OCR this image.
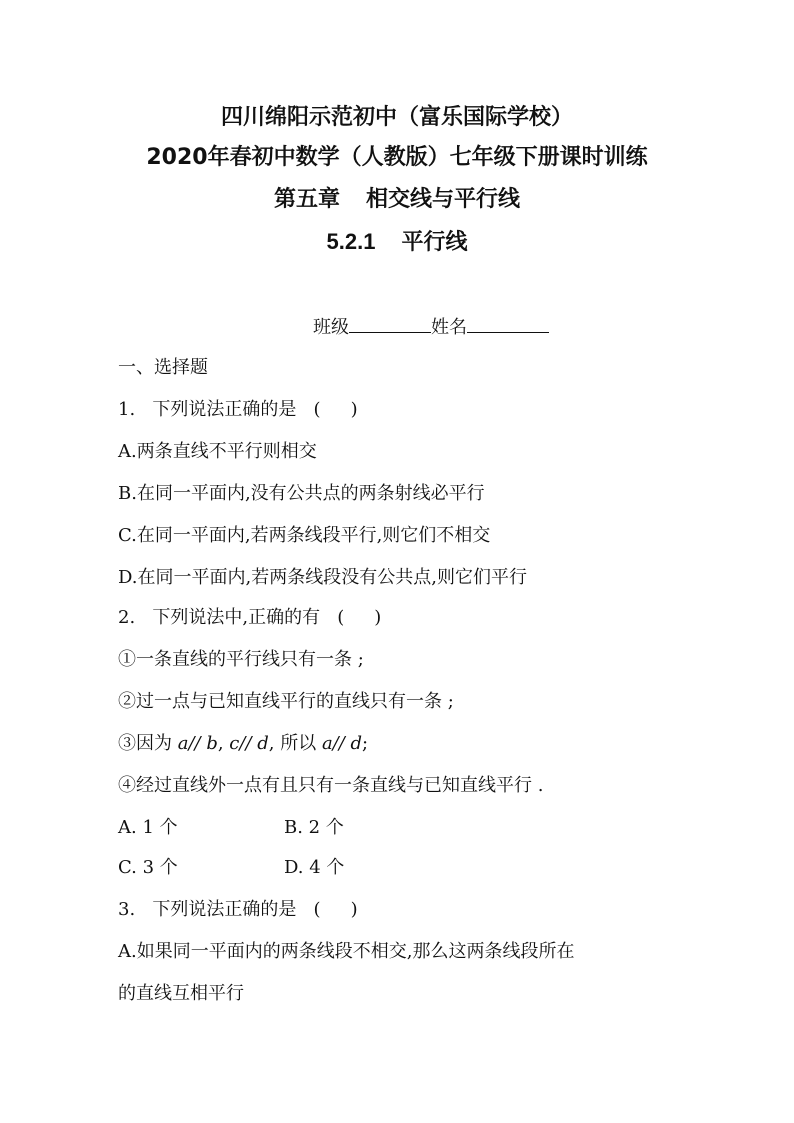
四川绵阳示范初中（富乐国际学校）
2020年春初中数学（人教版）七年级下册课时训练
第五章 相交线与平行线
5.2.1 平行线
班级	姓名
一、选择题
1. 下列说法正确的是 ( )
A.两条直线不平行则相交
B.在同一平面内,没有公共点的两条射线必平行
C.在同一平面内,若两条线段平行,则它们不相交
D.在同一平面内,若两条线段没有公共点,则它们平行
2. 下列说法中,正确的有 ( )
①一条直线的平行线只有一条 ;
②过一点与已知直线平行的直线只有一条 ;
③因为 a// b, c// d, 所以 a// d;
④经过直线外一点有且只有一条直线与已知直线平行 .
A. 1 个	B. 2 个
C. 3 个	D. 4 个
3. 下列说法正确的是 ( )
A.如果同一平面内的两条线段不相交,那么这两条线段所在
的直线互相平行
